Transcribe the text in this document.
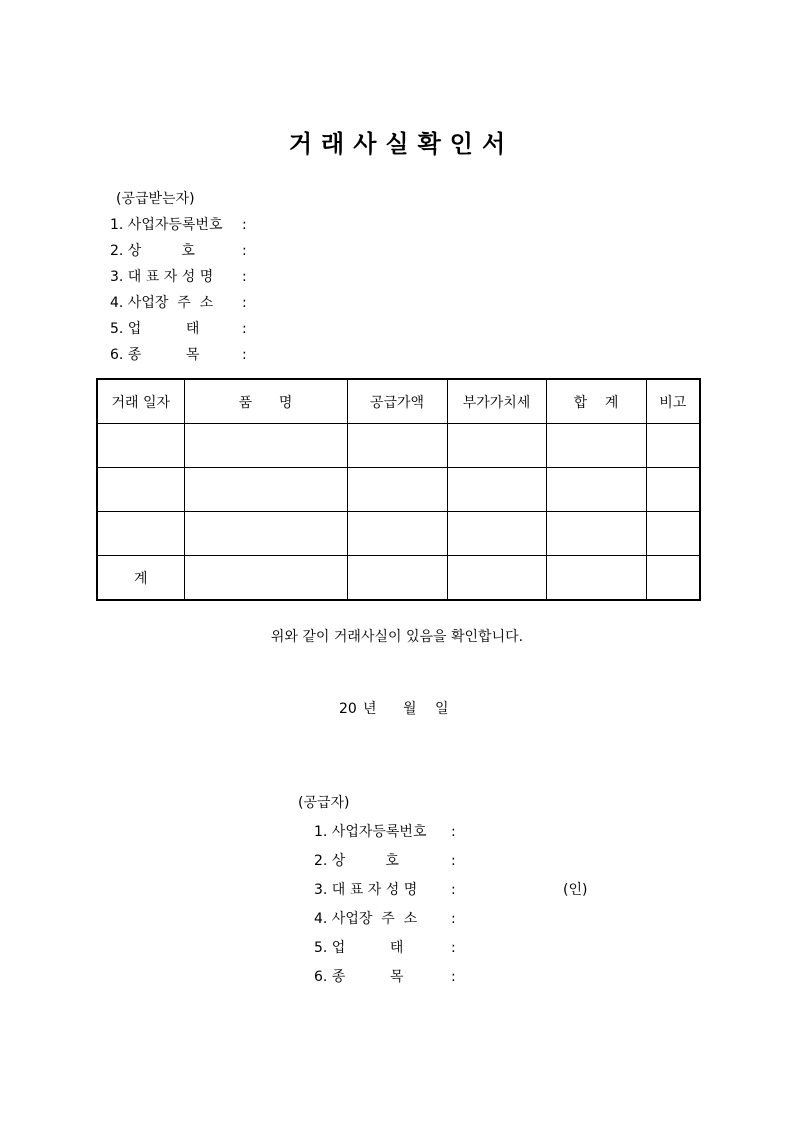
거래사실확인서
(공급받는자)
1. 사업자등록번호 :
2. 상         호	:
3. 대 표 자 성 명 :
4. 사업장  주  소 :
5. 업          태	:
6. 종          목	:
거래 일자	품      명	공급가액	부가가치세	합    계	비고

계					

위와 같이 거래사실이 있음을 확인합니다.

20 년 월 일
(공급자)
1. 사업자등록번호 :
2. 상         호	:
3. 대 표 자 성 명 :	(인)
4. 사업장  주  소 :
5. 업          태	:
6. 종          목	:
